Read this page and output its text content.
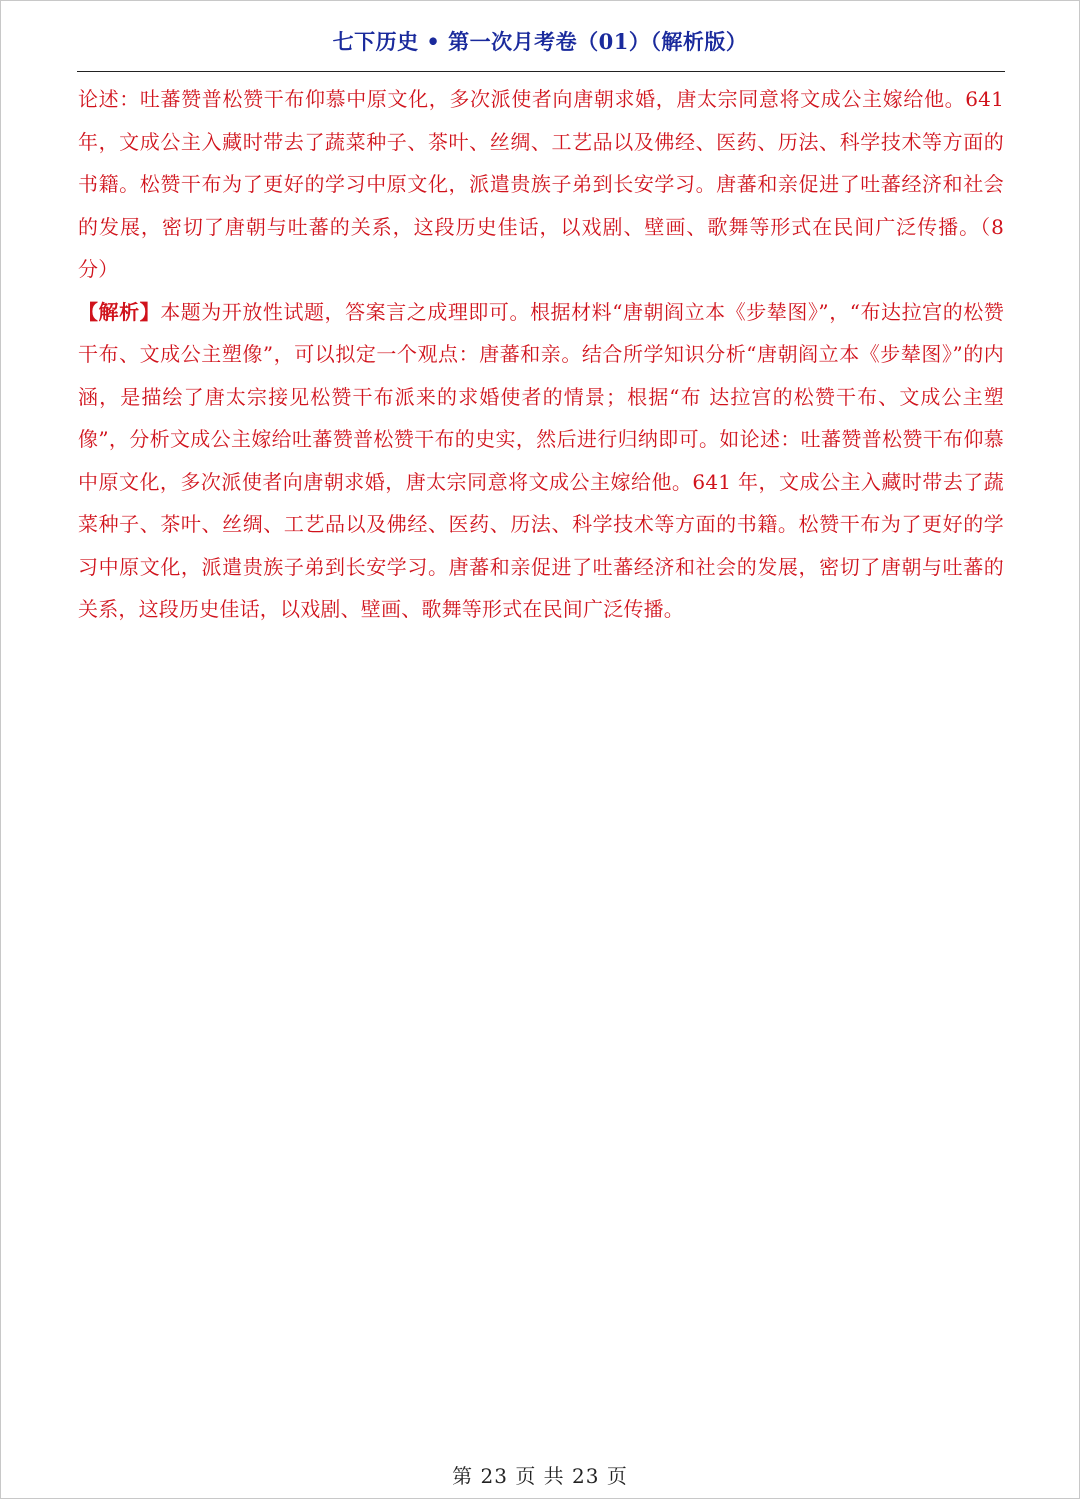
七下历史 • 第一次月考卷（01）（解析版）

论述：吐蕃赞普松赞干布仰慕中原文化，多次派使者向唐朝求婚，唐太宗同意将文成公主嫁给他。641 年，文成公主入藏时带去了蔬菜种子、茶叶、丝绸、工艺品以及佛经、医药、历法、科学技术等方面的书籍。松赞干布为了更好的学习中原文化，派遣贵族子弟到长安学习。唐蕃和亲促进了吐蕃经济和社会的发展，密切了唐朝与吐蕃的关系，这段历史佳话，以戏剧、壁画、歌舞等形式在民间广泛传播。（8 分）

【解析】本题为开放性试题，答案言之成理即可。根据材料“唐朝阎立本《步辇图》”，“布达拉宫的松赞干布、文成公主塑像”，可以拟定一个观点：唐蕃和亲。结合所学知识分析“唐朝阎立本《步辇图》”的内涵，是描绘了唐太宗接见松赞干布派来的求婚使者的情景；根据“布 达拉宫的松赞干布、文成公主塑像”，分析文成公主嫁给吐蕃赞普松赞干布的史实，然后进行归纳即可。如论述：吐蕃赞普松赞干布仰慕中原文化，多次派使者向唐朝求婚，唐太宗同意将文成公主嫁给他。641 年，文成公主入藏时带去了蔬菜种子、茶叶、丝绸、工艺品以及佛经、医药、历法、科学技术等方面的书籍。松赞干布为了更好的学习中原文化，派遣贵族子弟到长安学习。唐蕃和亲促进了吐蕃经济和社会的发展，密切了唐朝与吐蕃的关系，这段历史佳话，以戏剧、壁画、歌舞等形式在民间广泛传播。

第 23 页 共 23 页
